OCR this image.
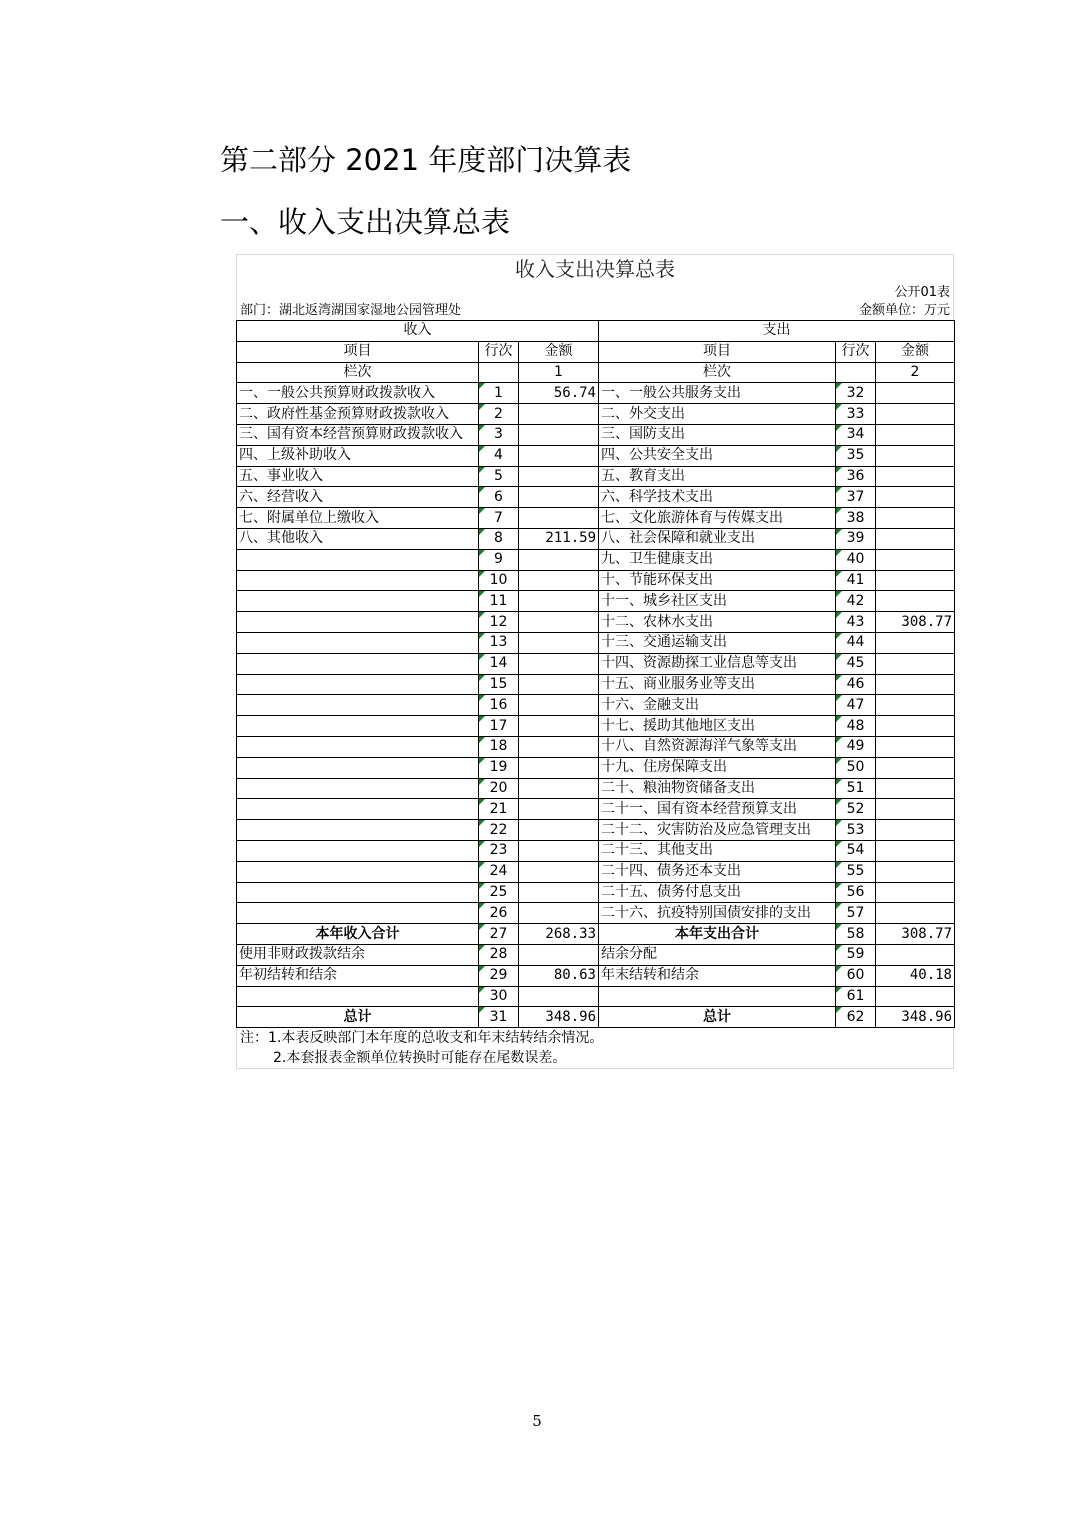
第二部分 2021 年度部门决算表
一、收入支出决算总表
收入支出决算总表
公开01表
部门：湖北返湾湖国家湿地公园管理处	金额单位：万元
收入			支出		
项目	行次	金额	项目	行次	金额
栏次		1	栏次		2
一、一般公共预算财政拨款收入	1	56.74	一、一般公共服务支出	32	
二、政府性基金预算财政拨款收入	2		二、外交支出	33	
三、国有资本经营预算财政拨款收入	3		三、国防支出	34	
四、上级补助收入	4		四、公共安全支出	35	
五、事业收入	5		五、教育支出	36	
六、经营收入	6		六、科学技术支出	37	
七、附属单位上缴收入	7		七、文化旅游体育与传媒支出	38	
八、其他收入	8	211.59	八、社会保障和就业支出	39	
	9		九、卫生健康支出	40	
	10		十、节能环保支出	41	
	11		十一、城乡社区支出	42	
	12		十二、农林水支出	43	308.77
	13		十三、交通运输支出	44	
	14		十四、资源勘探工业信息等支出	45	
	15		十五、商业服务业等支出	46	
	16		十六、金融支出	47	
	17		十七、援助其他地区支出	48	
	18		十八、自然资源海洋气象等支出	49	
	19		十九、住房保障支出	50	
	20		二十、粮油物资储备支出	51	
	21		二十一、国有资本经营预算支出	52	
	22		二十二、灾害防治及应急管理支出	53	
	23		二十三、其他支出	54	
	24		二十四、债务还本支出	55	
	25		二十五、债务付息支出	56	
	26		二十六、抗疫特别国债安排的支出	57	
本年收入合计	27	268.33	本年支出合计	58	308.77
使用非财政拨款结余	28		结余分配	59	
年初结转和结余	29	80.63	年末结转和结余	60	40.18
	30			61	
总计	31	348.96	总计	62	348.96
注：1.本表反映部门本年度的总收支和年末结转结余情况。
2.本套报表金额单位转换时可能存在尾数误差。
5
